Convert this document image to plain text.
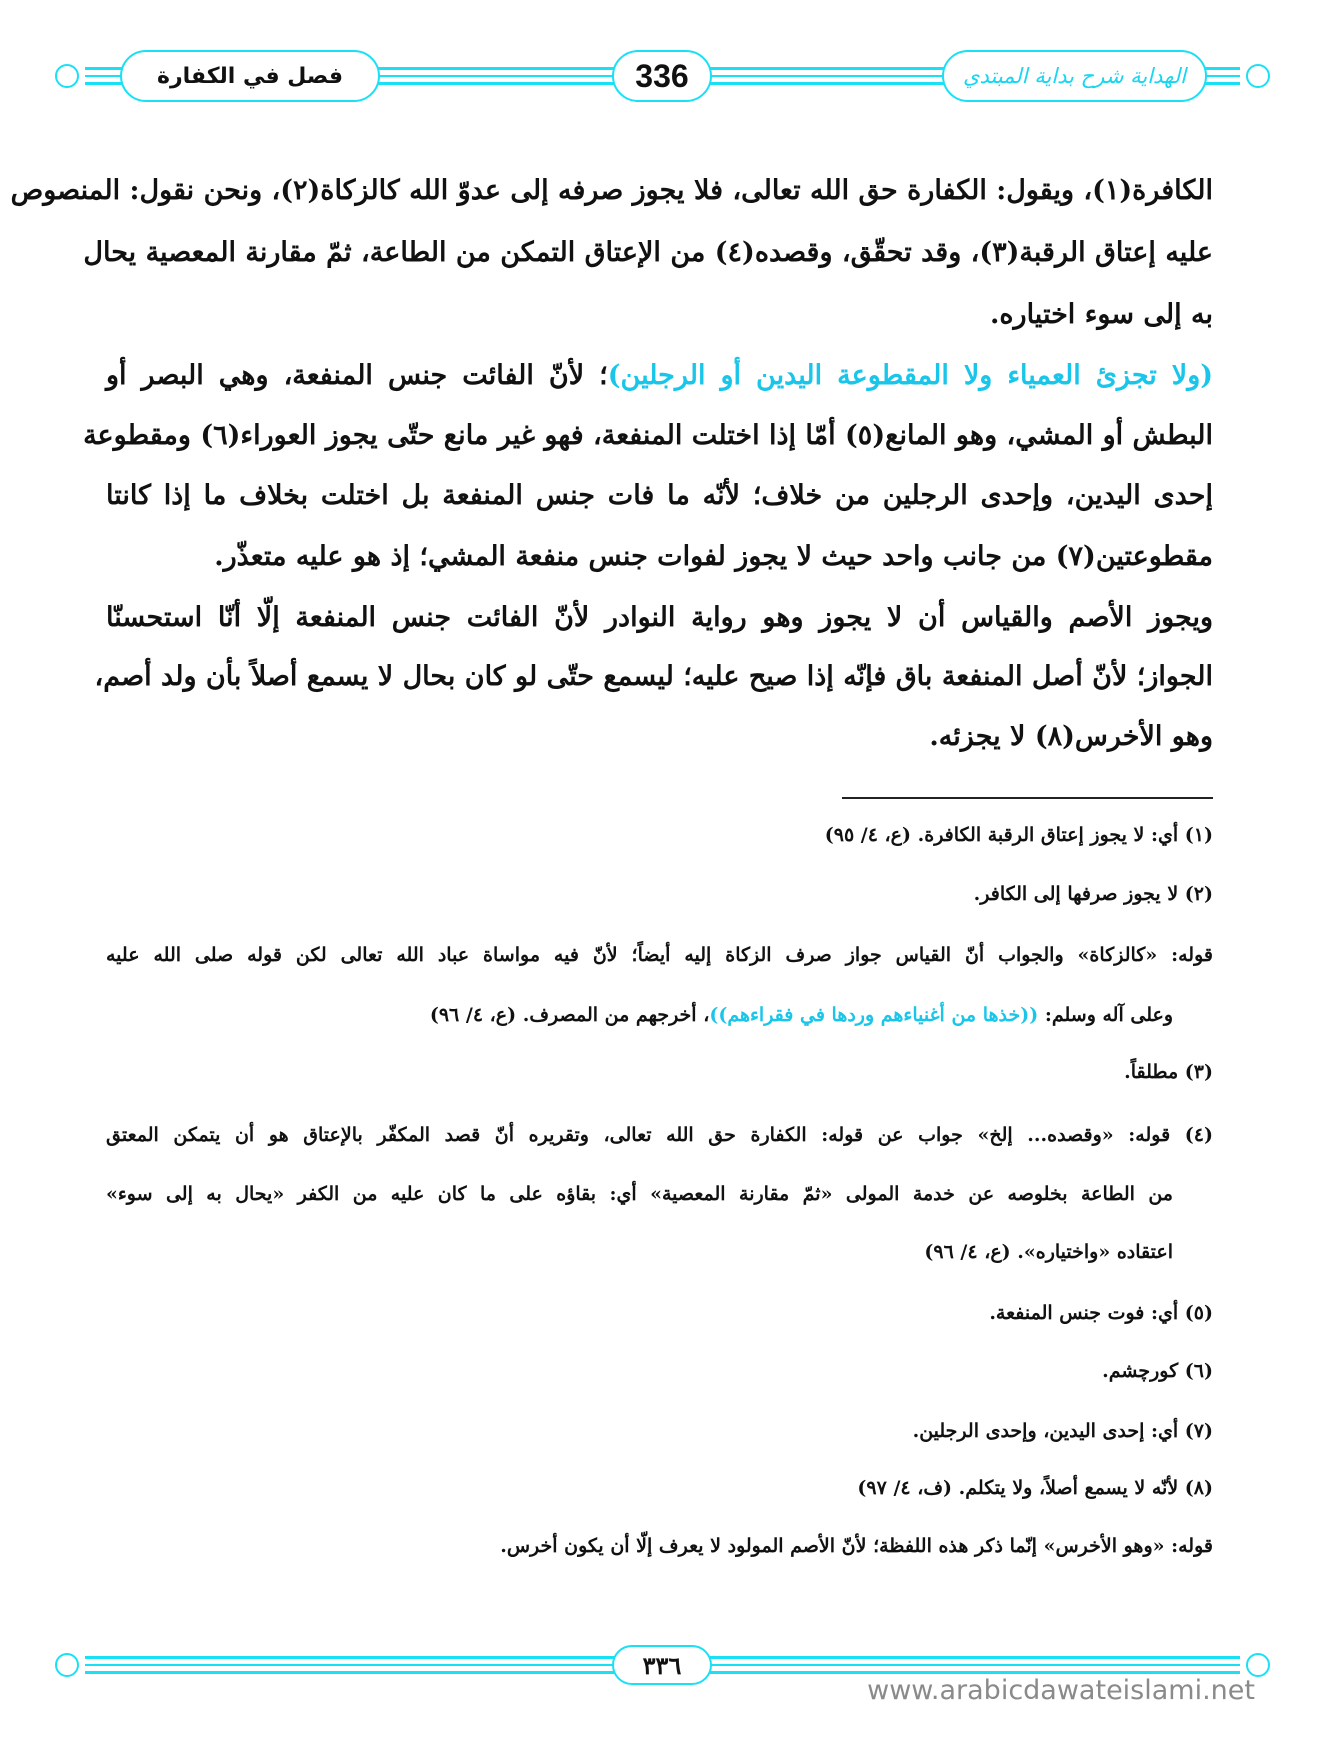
فصل في الكفارة	336	الهداية شرح بداية المبتدي
الكافرة(١)، ويقول: الكفارة حق الله تعالى، فلا يجوز صرفه إلى عدوّ الله كالزكاة(٢)، ونحن نقول: المنصوص
عليه إعتاق الرقبة(٣)، وقد تحقّق، وقصده(٤) من الإعتاق التمكن من الطاعة، ثمّ مقارنة المعصية يحال
به إلى سوء اختياره.
(ولا تجزئ العمياء ولا المقطوعة اليدين أو الرجلين)؛ لأنّ الفائت جنس المنفعة، وهي البصر أو
البطش أو المشي، وهو المانع(٥) أمّا إذا اختلت المنفعة، فهو غير مانع حتّى يجوز العوراء(٦) ومقطوعة
إحدى اليدين، وإحدى الرجلين من خلاف؛ لأنّه ما فات جنس المنفعة بل اختلت بخلاف ما إذا كانتا
مقطوعتين(٧) من جانب واحد حيث لا يجوز لفوات جنس منفعة المشي؛ إذ هو عليه متعذّر.
ويجوز الأصم والقياس أن لا يجوز وهو رواية النوادر لأنّ الفائت جنس المنفعة إلّا أنّا استحسنّا
الجواز؛ لأنّ أصل المنفعة باق فإنّه إذا صيح عليه؛ ليسمع حتّى لو كان بحال لا يسمع أصلاً بأن ولد أصم،
وهو الأخرس(٨) لا يجزئه.
(١) أي: لا يجوز إعتاق الرقبة الكافرة. (ع، ٤/ ٩٥)
(٢) لا يجوز صرفها إلى الكافر.
قوله: «كالزكاة» والجواب أنّ القياس جواز صرف الزكاة إليه أيضاً؛ لأنّ فيه مواساة عباد الله تعالى لكن قوله صلى الله عليه
وعلى آله وسلم: ((خذها من أغنياءهم وردها في فقراءهم))، أخرجهم من المصرف. (ع، ٤/ ٩٦)
(٣) مطلقاً.
(٤) قوله: «وقصده... إلخ» جواب عن قوله: الكفارة حق الله تعالى، وتقريره أنّ قصد المكفّر بالإعتاق هو أن يتمكن المعتق
من الطاعة بخلوصه عن خدمة المولى «ثمّ مقارنة المعصية» أي: بقاؤه على ما كان عليه من الكفر «يحال به إلى سوء»
اعتقاده «واختياره». (ع، ٤/ ٩٦)
(٥) أي: فوت جنس المنفعة.
(٦) كورچشم.
(٧) أي: إحدى اليدين، وإحدى الرجلين.
(٨) لأنّه لا يسمع أصلاً، ولا يتكلم. (ف، ٤/ ٩٧)
قوله: «وهو الأخرس» إنّما ذكر هذه اللفظة؛ لأنّ الأصم المولود لا يعرف إلّا أن يكون أخرس.
٣٣٦
www.arabicdawateislami.net
